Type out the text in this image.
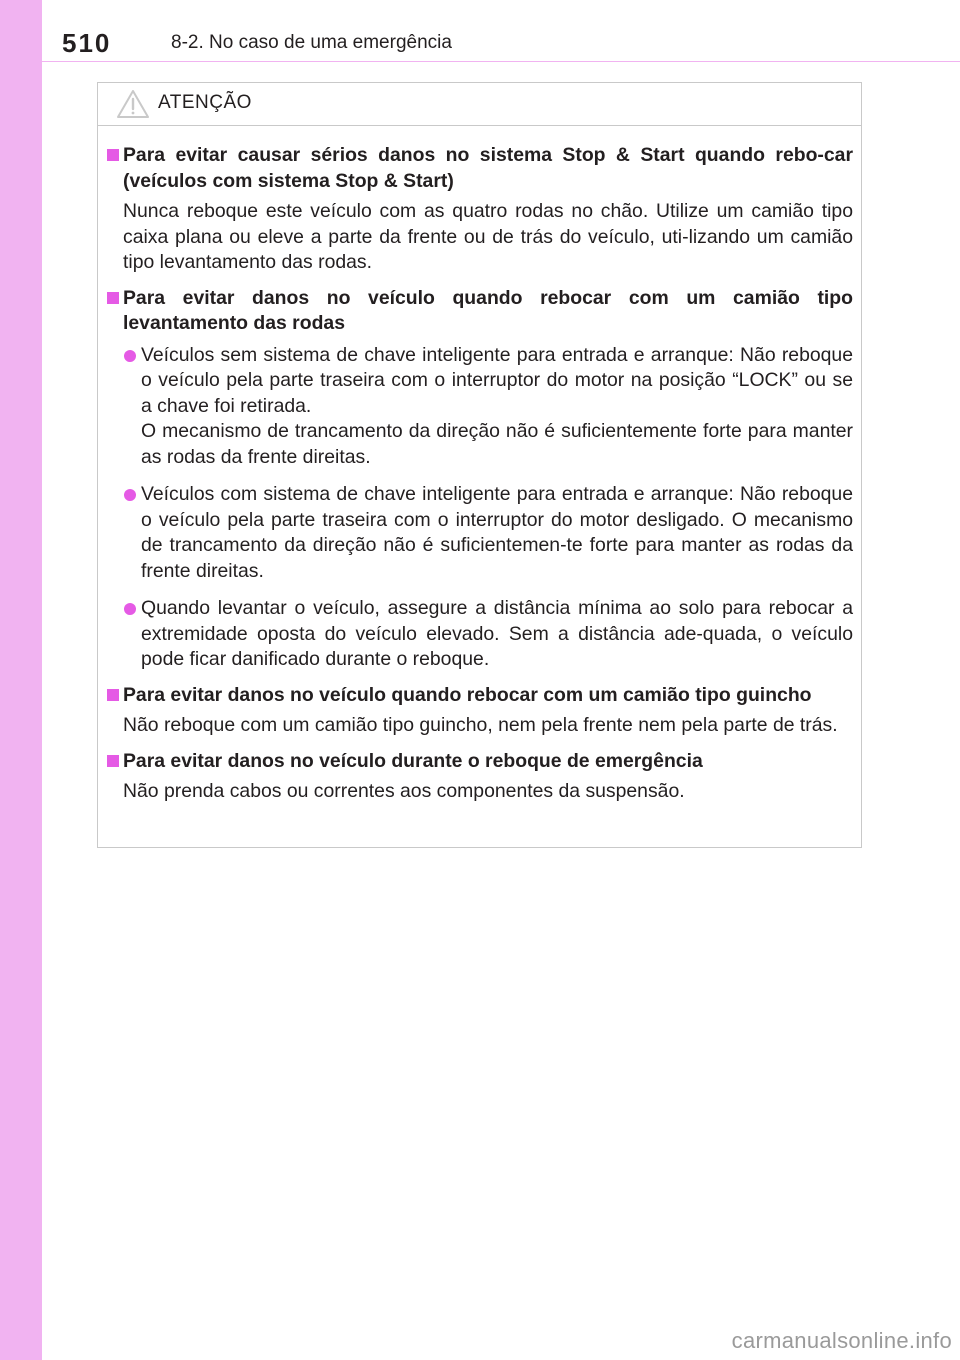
510	8-2. No caso de uma emergência
ATENÇÃO
Para evitar causar sérios danos no sistema Stop & Start quando rebo-car (veículos com sistema Stop & Start)
Nunca reboque este veículo com as quatro rodas no chão. Utilize um camião tipo caixa plana ou eleve a parte da frente ou de trás do veículo, uti-lizando um camião tipo levantamento das rodas.
Para evitar danos no veículo quando rebocar com um camião tipo levantamento das rodas

Veículos sem sistema de chave inteligente para entrada e arranque: Não reboque o veículo pela parte traseira com o interruptor do motor na posição “LOCK” ou se a chave foi retirada.

O mecanismo de trancamento da direção não é suficientemente forte para manter as rodas da frente direitas.

Veículos com sistema de chave inteligente para entrada e arranque: Não reboque o veículo pela parte traseira com o interruptor do motor desligado. O mecanismo de trancamento da direção não é suficientemen-te forte para manter as rodas da frente direitas.

Quando levantar o veículo, assegure a distância mínima ao solo para rebocar a extremidade oposta do veículo elevado. Sem a distância ade-quada, o veículo pode ficar danificado durante o reboque.

Para evitar danos no veículo quando rebocar com um camião tipo guincho
Não reboque com um camião tipo guincho, nem pela frente nem pela parte de trás.
Para evitar danos no veículo durante o reboque de emergência
Não prenda cabos ou correntes aos componentes da suspensão.
carmanualsonline.info
